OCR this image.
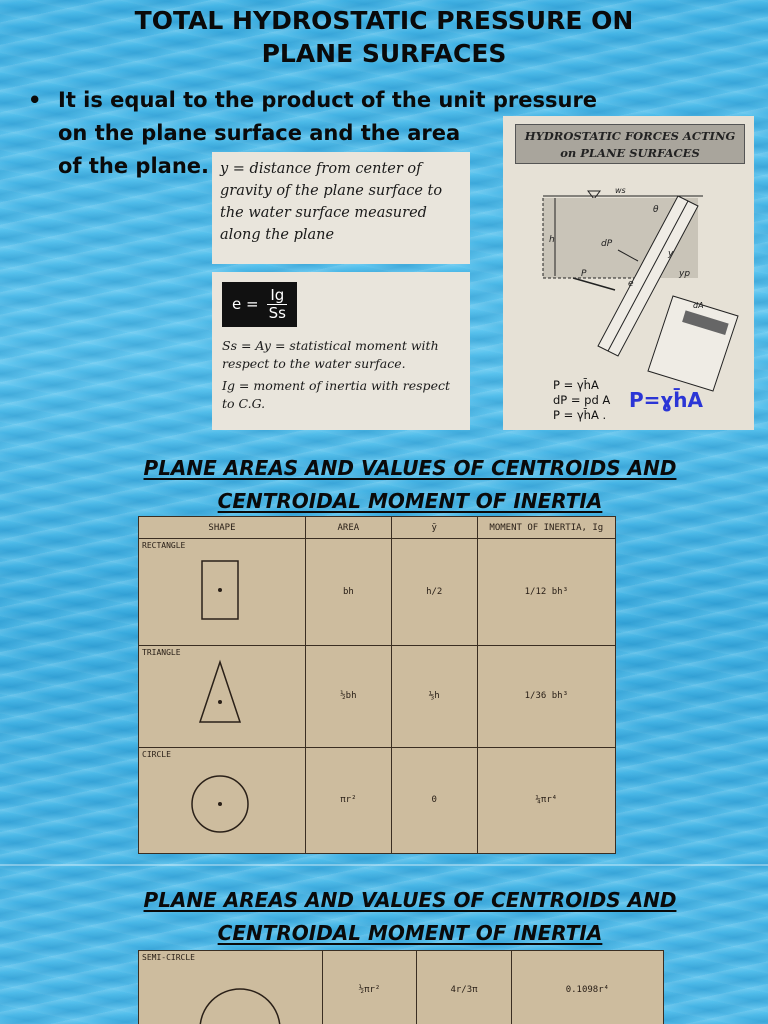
TOTAL HYDROSTATIC PRESSURE ON
PLANE SURFACES
• It is equal to the product of the unit pressure
on the plane surface and the area
of the plane. y = distance from center of gravity of the plane surface to the water surface measured along the plane
$e = \frac{Ig}{Ss}$

Ss = Ay = statistical moment with respect to the water surface.

Ig = moment of inertia with respect to C.G.

HYDROSTATIC FORCES ACTING on PLANE SURFACES
ws
h	dP
P
θ
y
yp
e
dA
P = γh̄A
dP = pd A
P = γh̄A .
P=ɣh̄A
PLANE AREAS AND VALUES OF CENTROIDS AND
CENTROIDAL MOMENT OF INERTIA
SHAPE	AREA	ȳ	MOMENT OF INERTIA, Ig

RECTANGLE	bh	h/2	1/12 bh³

TRIANGLE	½bh	⅓h	1/36 bh³

CIRCLE	πr²	0	¼πr⁴
PLANE AREAS AND VALUES OF CENTROIDS AND
CENTROIDAL MOMENT OF INERTIA
SEMI-CIRCLE
	½πr²	4r/3π	0.1098r⁴
